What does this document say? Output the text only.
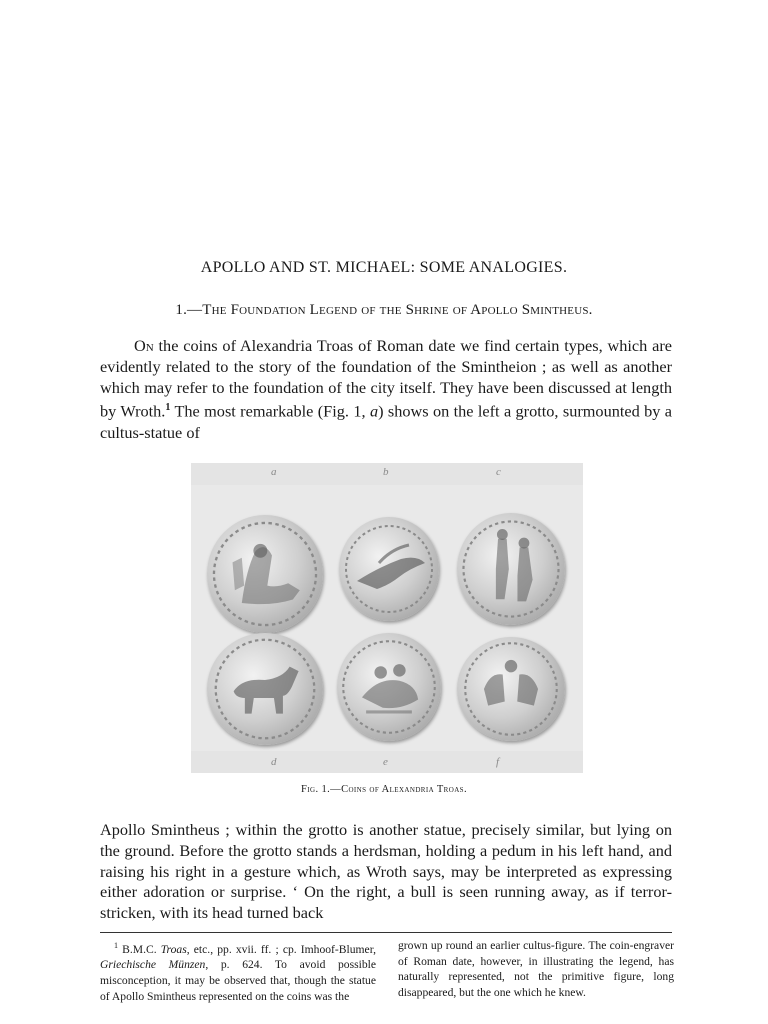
APOLLO AND ST. MICHAEL: SOME ANALOGIES.
1.—The Foundation Legend of the Shrine of Apollo Smintheus.

On the coins of Alexandria Troas of Roman date we find certain types, which are evidently related to the story of the foundation of the Smintheion ; as well as another which may refer to the foundation of the city itself. They have been discussed at length by Wroth.$^1$ The most remarkable (Fig. 1, a) shows on the left a grotto, surmounted by a cultus-statue of

a	b	c
d	e	f
Fig. 1.—Coins of Alexandria Troas.

Apollo Smintheus ; within the grotto is another statue, precisely similar, but lying on the ground. Before the grotto stands a herdsman, holding a pedum in his left hand, and raising his right in a gesture which, as Wroth says, may be interpreted as expressing either adoration or surprise. ‘ On the right, a bull is seen running away, as if terror-stricken, with its head turned back

$^1$ B.M.C. Troas, etc., pp. xvii. ff. ; cp. Imhoof-Blumer, Griechische Münzen, p. 624. To avoid possible misconception, it may be observed that, though the statue of Apollo Smintheus represented on the coins was the

grown up round an earlier cultus-figure. The coin-engraver of Roman date, however, in illustrating the legend, has naturally represented, not the primitive figure, long disappeared, but the one which he knew.
